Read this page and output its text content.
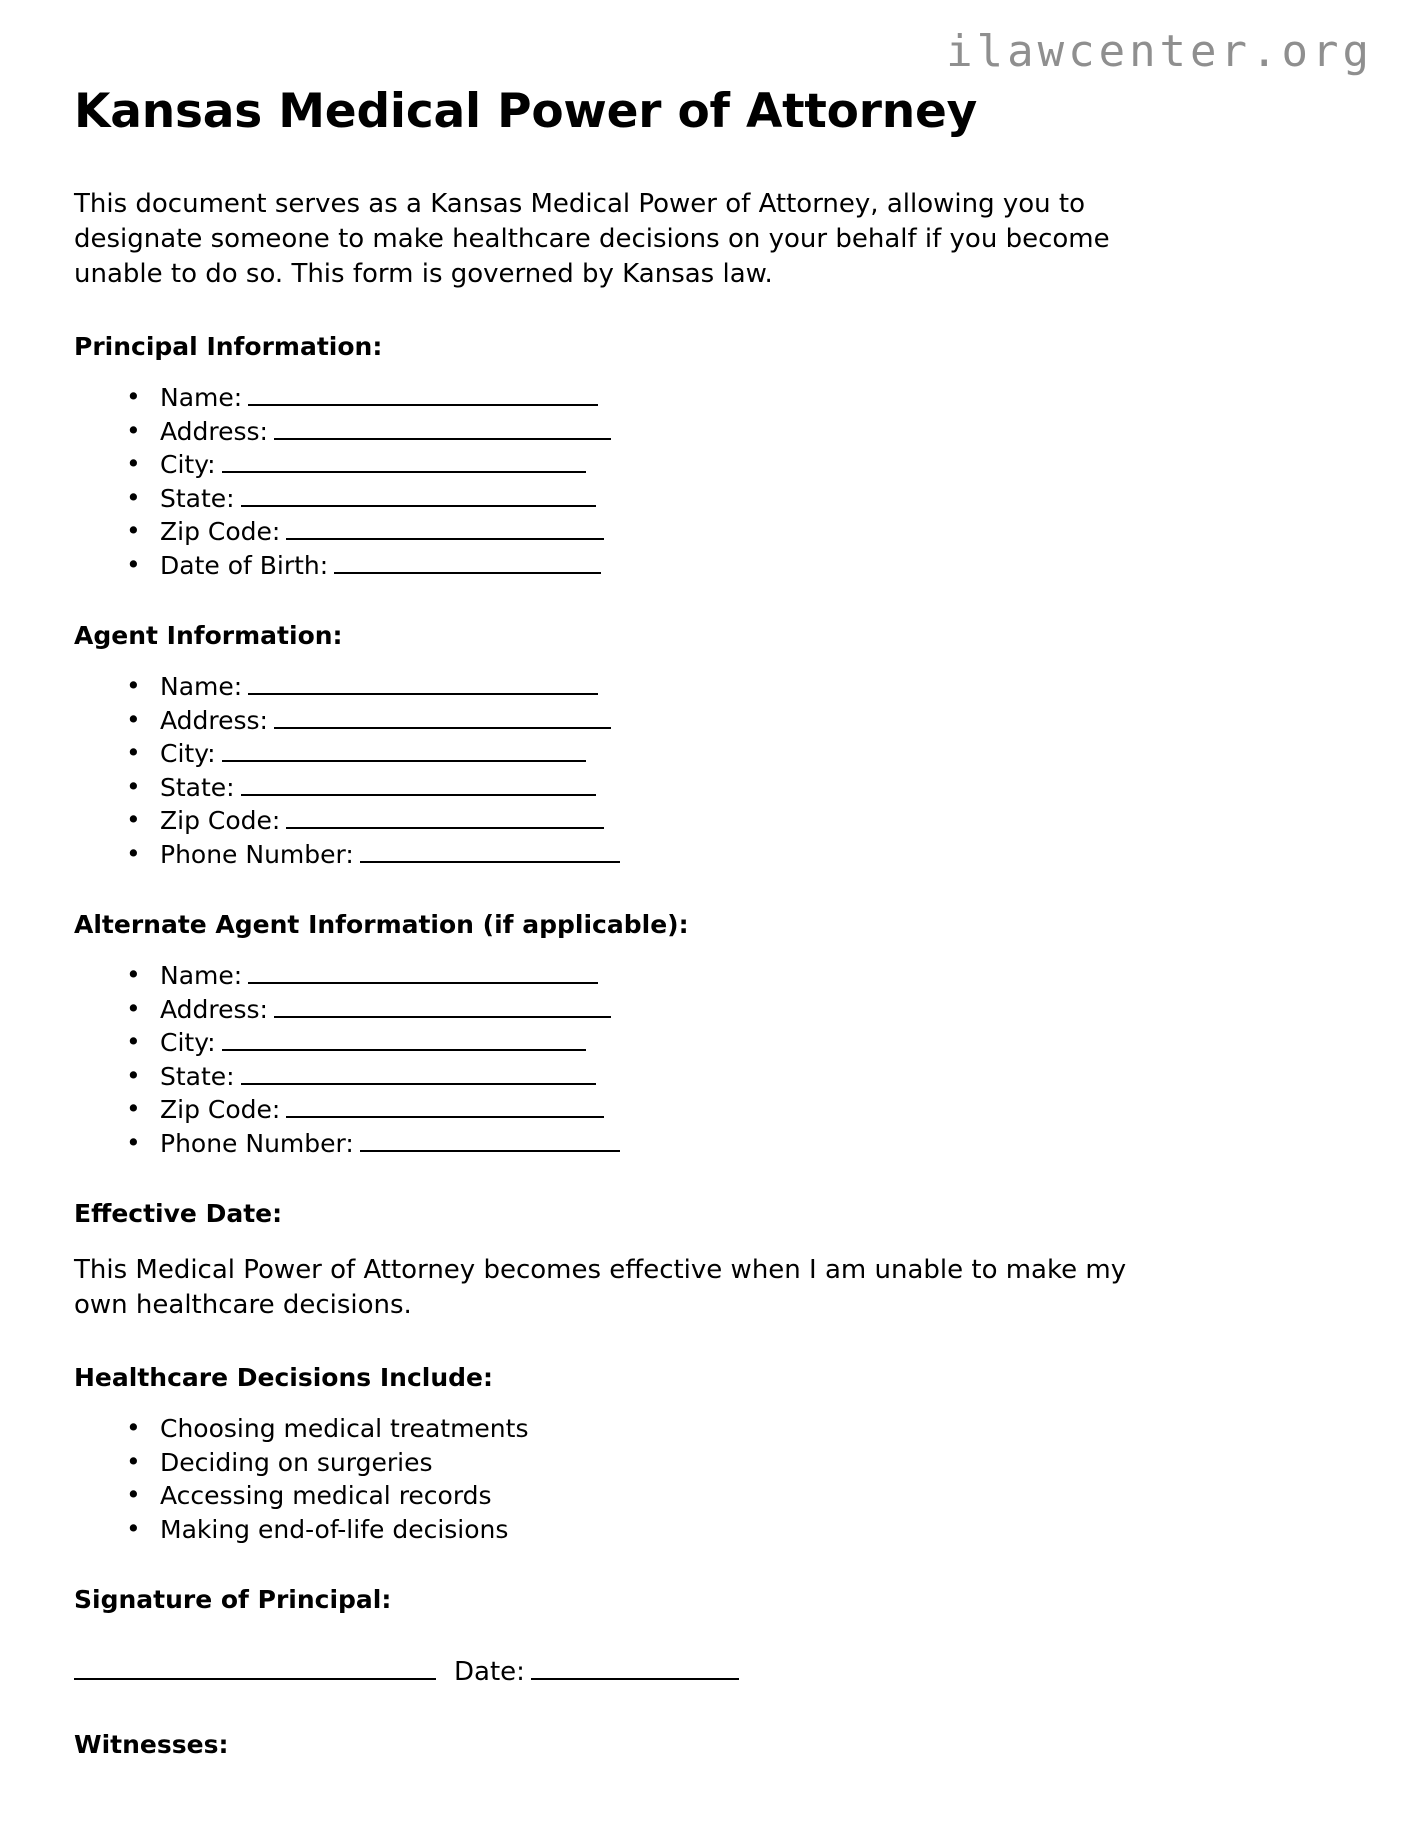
ilawcenter.org
Kansas Medical Power of Attorney

This document serves as a Kansas Medical Power of Attorney, allowing you to designate someone to make healthcare decisions on your behalf if you become unable to do so. This form is governed by Kansas law.

Principal Information:
• Name:
• Address:
• City:
• State:
• Zip Code:
• Date of Birth:
Agent Information:
• Name:
• Address:
• City:
• State:
• Zip Code:
• Phone Number:
Alternate Agent Information (if applicable):
• Name:
• Address:
• City:
• State:
• Zip Code:
• Phone Number:
Effective Date:

This Medical Power of Attorney becomes effective when I am unable to make my own healthcare decisions.

Healthcare Decisions Include:
• Choosing medical treatments
• Deciding on surgeries
• Accessing medical records
• Making end-of-life decisions
Signature of Principal:
Date:
Witnesses:
